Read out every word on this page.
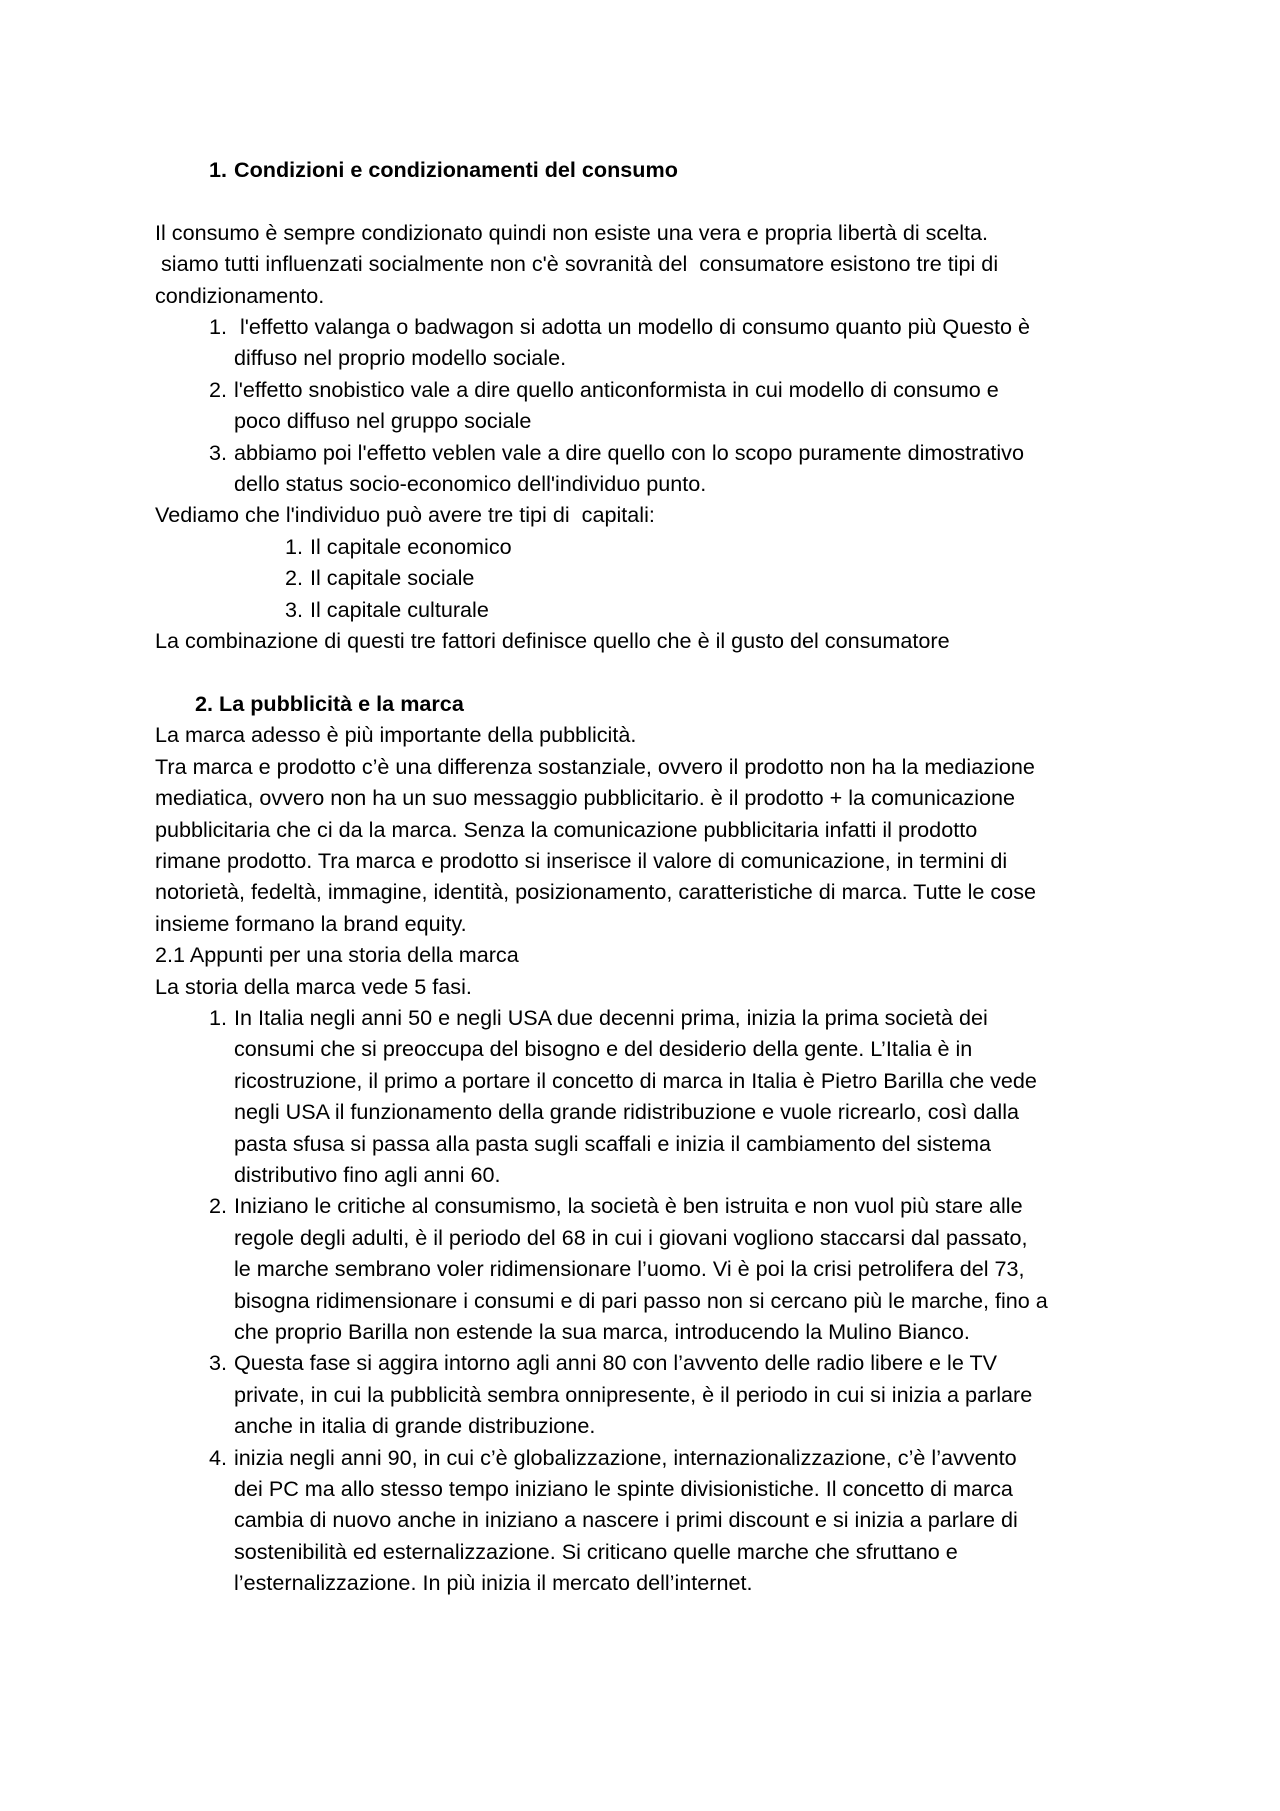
1. Condizioni e condizionamenti del consumo

Il consumo è sempre condizionato quindi non esiste una vera e propria libertà di scelta.

siamo tutti influenzati socialmente non c'è sovranità del  consumatore esistono tre tipi di

condizionamento.

1. l'effetto valanga o badwagon si adotta un modello di consumo quanto più Questo è

diffuso nel proprio modello sociale.

2. l'effetto snobistico vale a dire quello anticonformista in cui modello di consumo e

poco diffuso nel gruppo sociale

3. abbiamo poi l'effetto veblen vale a dire quello con lo scopo puramente dimostrativo

dello status socio-economico dell'individuo punto.

Vediamo che l'individuo può avere tre tipi di  capitali:

1. Il capitale economico

2. Il capitale sociale

3. Il capitale culturale

La combinazione di questi tre fattori definisce quello che è il gusto del consumatore

2. La pubblicità e la marca

La marca adesso è più importante della pubblicità.

Tra marca e prodotto c’è una differenza sostanziale, ovvero il prodotto non ha la mediazione

mediatica, ovvero non ha un suo messaggio pubblicitario. è il prodotto + la comunicazione

pubblicitaria che ci da la marca. Senza la comunicazione pubblicitaria infatti il prodotto

rimane prodotto. Tra marca e prodotto si inserisce il valore di comunicazione, in termini di

notorietà, fedeltà, immagine, identità, posizionamento, caratteristiche di marca. Tutte le cose

insieme formano la brand equity.

2.1 Appunti per una storia della marca

La storia della marca vede 5 fasi.

1. In Italia negli anni 50 e negli USA due decenni prima, inizia la prima società dei

consumi che si preoccupa del bisogno e del desiderio della gente. L’Italia è in

ricostruzione, il primo a portare il concetto di marca in Italia è Pietro Barilla che vede

negli USA il funzionamento della grande ridistribuzione e vuole ricrearlo, così dalla

pasta sfusa si passa alla pasta sugli scaffali e inizia il cambiamento del sistema

distributivo fino agli anni 60.

2. Iniziano le critiche al consumismo, la società è ben istruita e non vuol più stare alle

regole degli adulti, è il periodo del 68 in cui i giovani vogliono staccarsi dal passato,

le marche sembrano voler ridimensionare l’uomo. Vi è poi la crisi petrolifera del 73,

bisogna ridimensionare i consumi e di pari passo non si cercano più le marche, fino a

che proprio Barilla non estende la sua marca, introducendo la Mulino Bianco.

3. Questa fase si aggira intorno agli anni 80 con l’avvento delle radio libere e le TV

private, in cui la pubblicità sembra onnipresente, è il periodo in cui si inizia a parlare

anche in italia di grande distribuzione.

4. inizia negli anni 90, in cui c’è globalizzazione, internazionalizzazione, c’è l’avvento

dei PC ma allo stesso tempo iniziano le spinte divisionistiche. Il concetto di marca

cambia di nuovo anche in iniziano a nascere i primi discount e si inizia a parlare di

sostenibilità ed esternalizzazione. Si criticano quelle marche che sfruttano e

l’esternalizzazione. In più inizia il mercato dell’internet.
